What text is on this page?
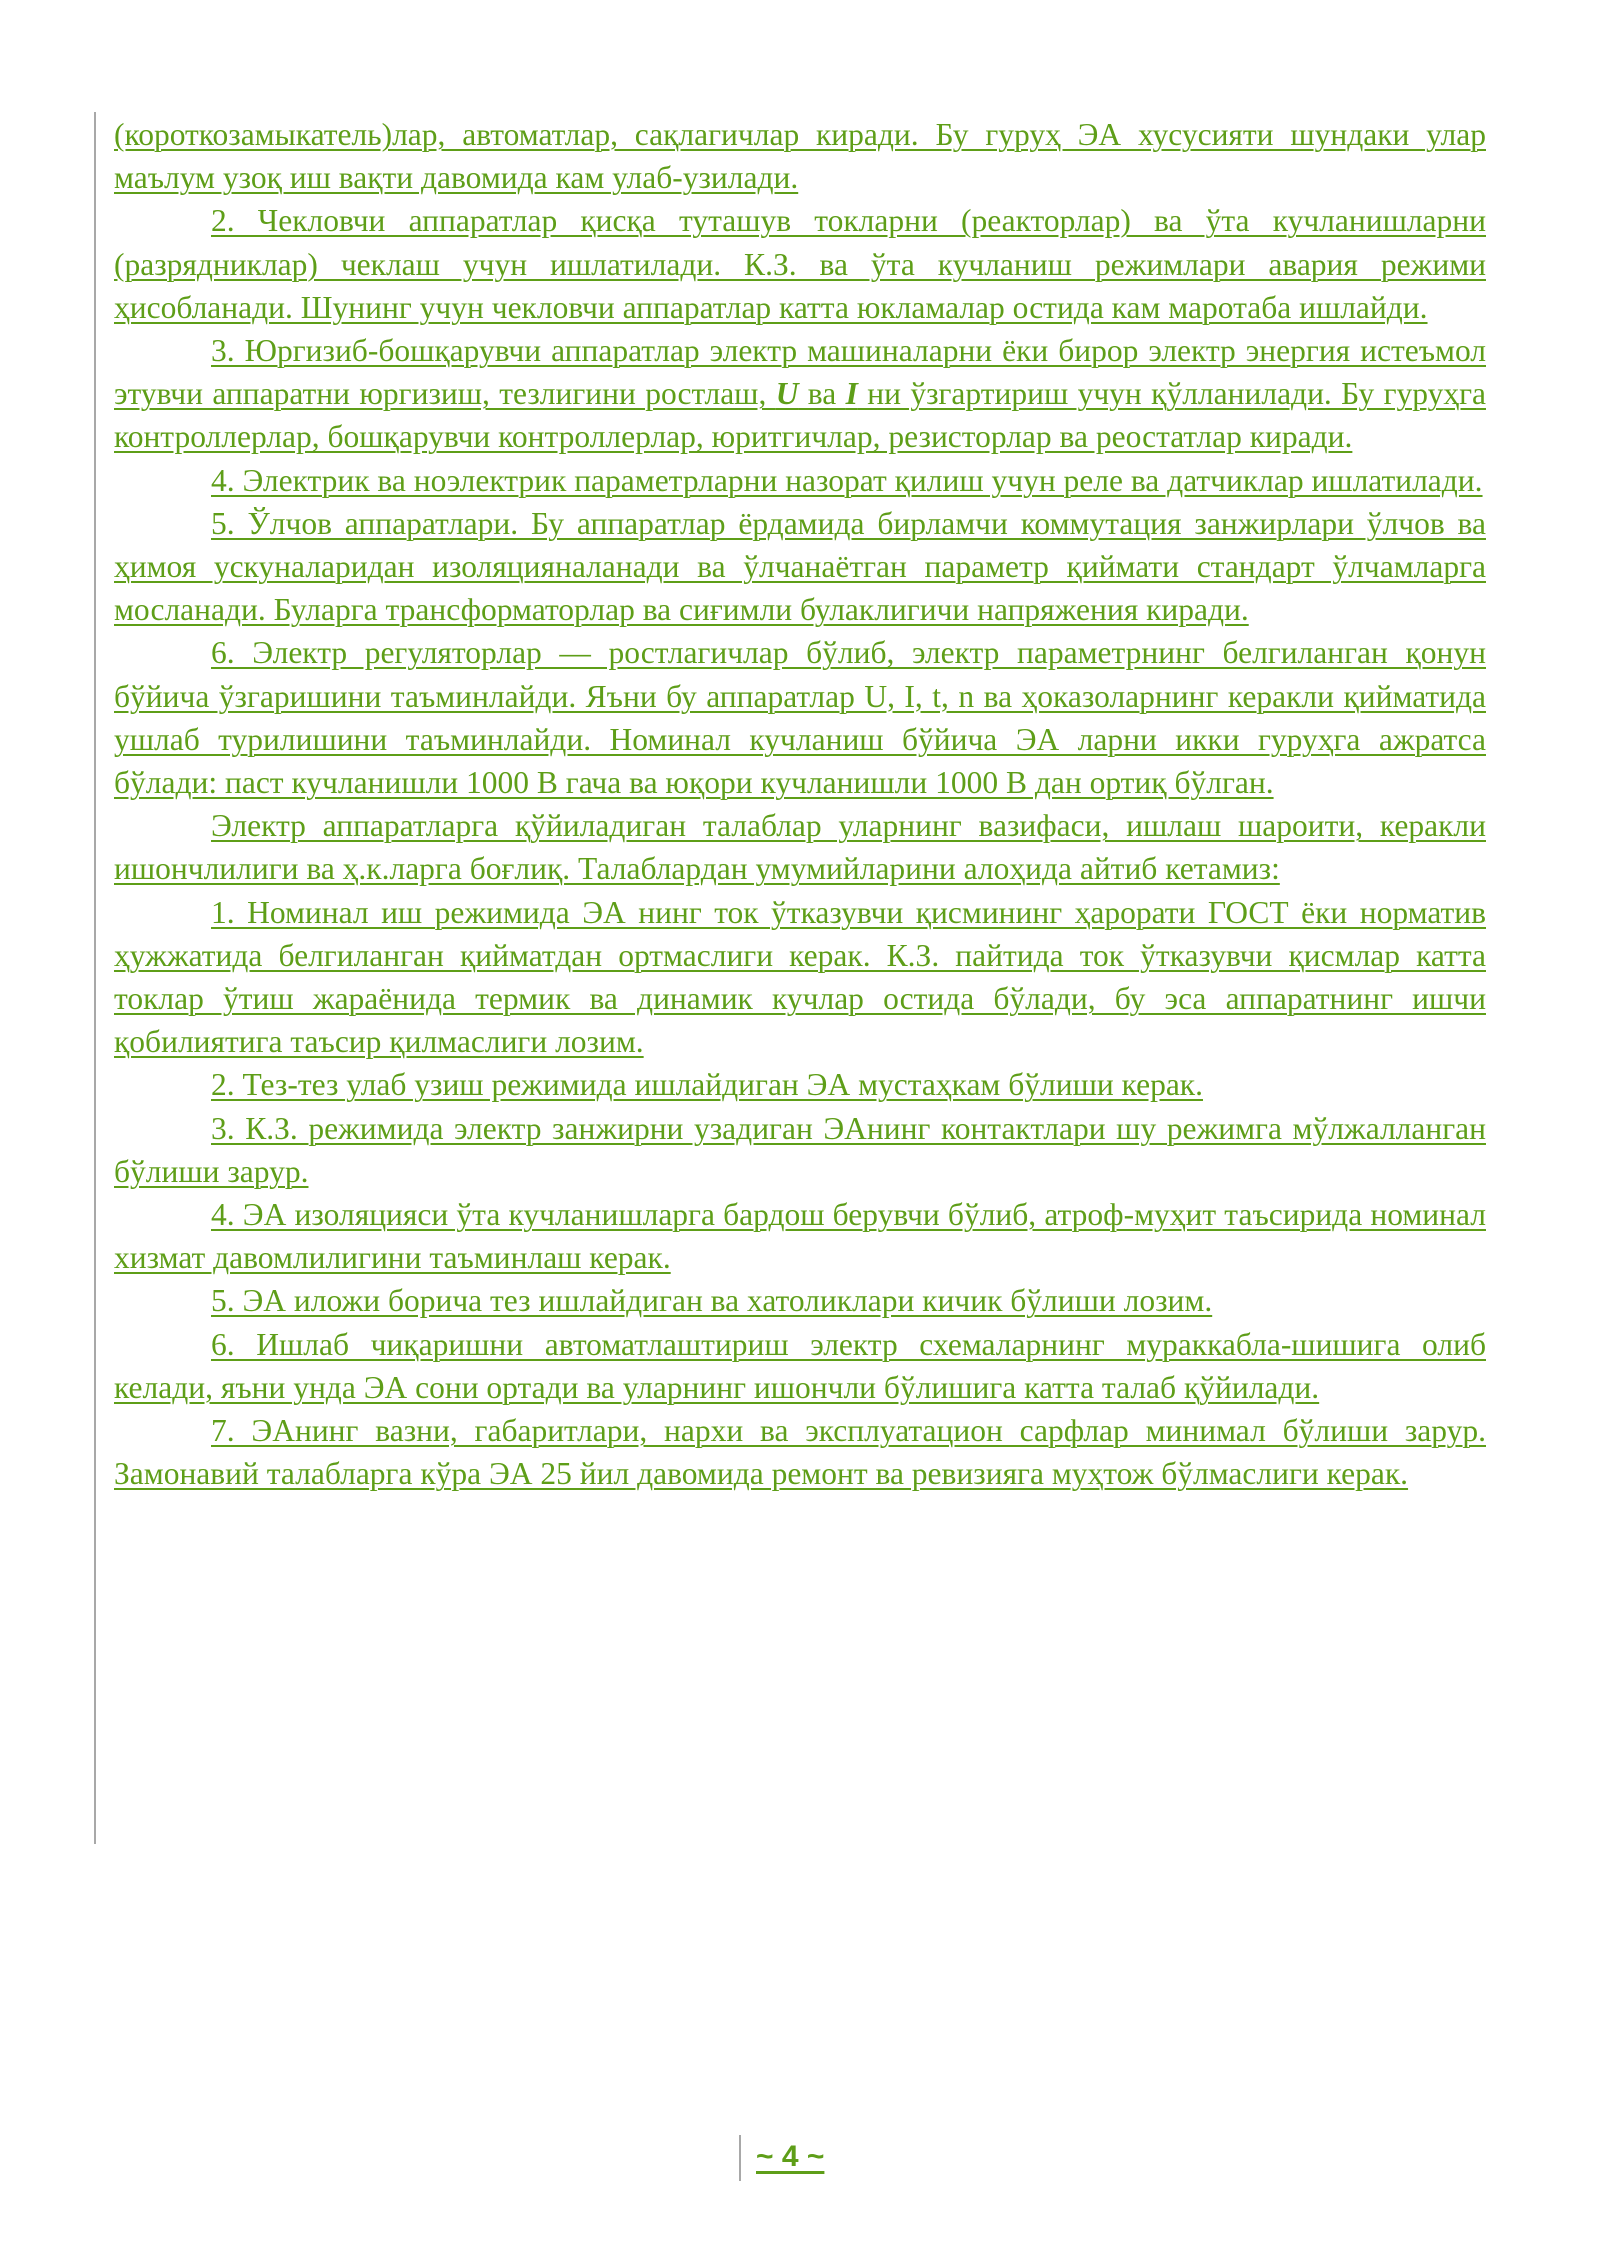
(короткозамыкатель)лар, автоматлар, сақлагичлар киради. Бу гуруҳ ЭА хусусияти шундаки улар маълум узоқ иш вақти давомида кам улаб-узилади.

2. Чекловчи аппаратлар қисқа туташув токларни (реакторлар) ва ўта кучланишларни (разрядниклар) чеклаш учун ишлатилади. К.З. ва ўта кучланиш режимлари авария режими ҳисобланади. Шунинг учун чекловчи аппаратлар катта юкламалар остида кам маротаба ишлайди.

3. Юргизиб-бошқарувчи аппаратлар электр машиналарни ёки бирор электр энергия истеъмол этувчи аппаратни юргизиш, тезлигини ростлаш, U ва I ни ўзгартириш учун қўлланилади. Бу гуруҳга контроллерлар, бошқарувчи контроллерлар, юритгичлар, резисторлар ва реостатлар киради.

4. Электрик ва ноэлектрик параметрларни назорат қилиш учун реле ва датчиклар ишлатилади.

5. Ўлчов аппаратлари. Бу аппаратлар ёрдамида бирламчи коммутация занжирлари ўлчов ва ҳимоя ускуналаридан изоляцияналанади ва ўлчанаётган параметр қиймати стандарт ўлчамларга мосланади. Буларга трансформаторлар ва сиғимли булаклигичи напряжения киради.

6. Электр регуляторлар — ростлагичлар бўлиб, электр параметрнинг белгиланган қонун бўйича ўзгаришини таъминлайди. Яъни бу аппаратлар U, I, t, n ва ҳоказоларнинг керакли қийматида ушлаб турилишини таъминлайди. Номинал кучланиш бўйича ЭА ларни икки гуруҳга ажратса бўлади: паст кучланишли 1000 В гача ва юқори кучланишли 1000 В дан ортиқ бўлган.

Электр аппаратларга қўйиладиган талаблар уларнинг вазифаси, ишлаш шароити, керакли ишончлилиги ва ҳ.к.ларга боғлиқ. Талаблардан умумийларини алоҳида айтиб кетамиз:

1. Номинал иш режимида ЭА нинг ток ўтказувчи қисмининг ҳарорати ГОСТ ёки норматив ҳужжатида белгиланган қийматдан ортмаслиги керак. К.З. пайтида ток ўтказувчи қисмлар катта токлар ўтиш жараёнида термик ва динамик кучлар остида бўлади, бу эса аппаратнинг ишчи қобилиятига таъсир қилмаслиги лозим.

2. Тез-тез улаб узиш режимида ишлайдиган ЭА мустаҳкам бўлиши керак.

3. К.З. режимида электр занжирни узадиган ЭАнинг контактлари шу режимга мўлжалланган бўлиши зарур.

4. ЭА изоляцияси ўта кучланишларга бардош берувчи бўлиб, атроф-муҳит таъсирида номинал хизмат давомлилигини таъминлаш керак.

5. ЭА иложи борича тез ишлайдиган ва хатоликлари кичик бўлиши лозим.

6. Ишлаб чиқаришни автоматлаштириш электр схемаларнинг мураккабла-шишига олиб келади, яъни унда ЭА сони ортади ва уларнинг ишончли бўлишига катта талаб қўйилади.

7. ЭАнинг вазни, габаритлари, нархи ва эксплуатацион сарфлар минимал бўлиши зарур. Замонавий талабларга кўра ЭА 25 йил давомида ремонт ва ревизияга муҳтож бўлмаслиги керак.

~ 4 ~
